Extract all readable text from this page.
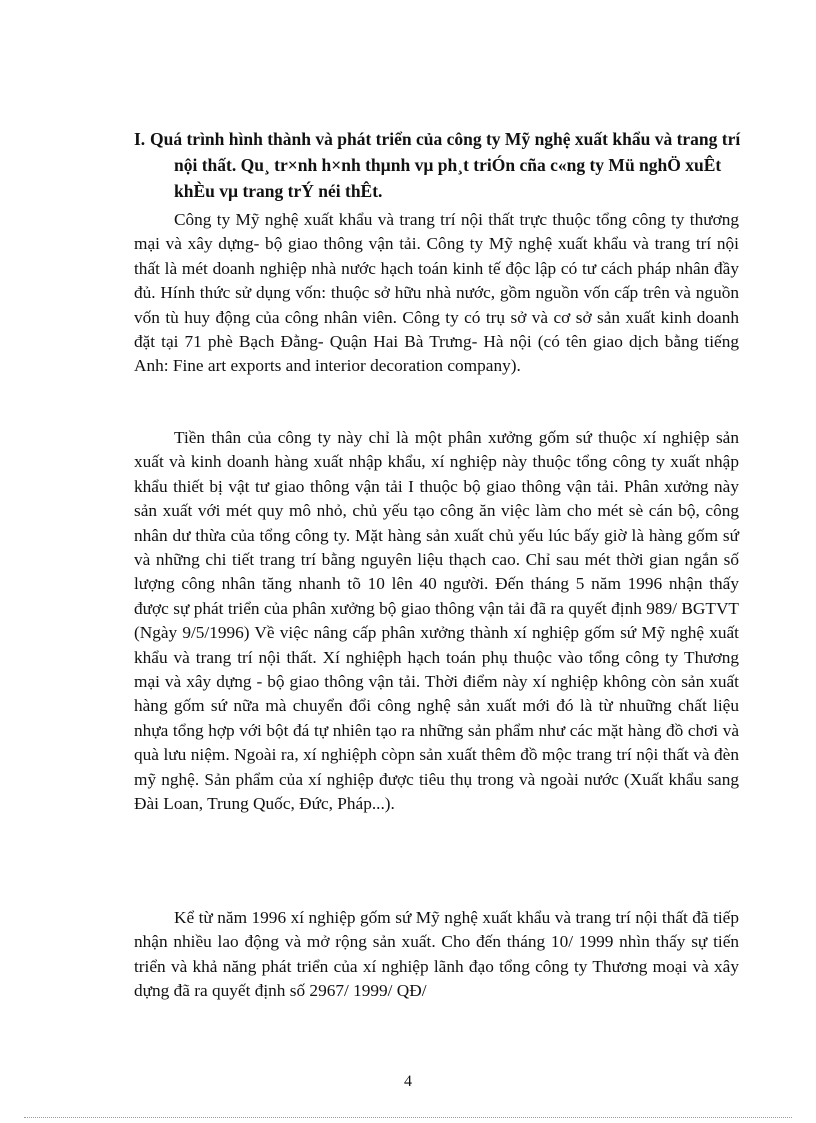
I. Quá trình hình thành và phát triển của công ty Mỹ nghệ xuất khẩu và trang trí nội thất. Qu¸ tr×nh h×nh thµnh vµ ph¸t triÓn cña c«ng ty Mü nghÖ xuÊt khÈu vµ trang trÝ néi thÊt.

Công ty Mỹ nghệ xuất khẩu và trang trí nội thất trực thuộc tổng công ty thương mại và xây dựng- bộ giao thông vận tải. Công ty Mỹ nghệ xuất khẩu và trang trí nội thất là mét doanh nghiệp nhà nước hạch toán kinh tế độc lập có tư cách pháp nhân đầy đủ. Hính thức sử dụng vốn: thuộc sở hữu nhà nước, gồm nguồn vốn cấp trên và nguồn vốn tù huy động của công nhân viên. Công ty có trụ sở và cơ sở sản xuất kinh doanh đặt tại 71 phè Bạch Đằng- Quận Hai Bà Trưng- Hà nội (có tên giao dịch bằng tiếng Anh: Fine art exports and interior decoration company).

Tiền thân của công ty này chỉ là một phân xưởng gốm sứ thuộc xí nghiệp sản xuất và kinh doanh hàng xuất nhập khẩu, xí nghiệp này thuộc tổng công ty xuất nhập khẩu thiết bị vật tư giao thông vận tải I thuộc bộ giao thông vận tải. Phân xưởng này sản xuất với mét quy mô nhỏ, chủ yếu tạo công ăn việc làm cho mét sè cán bộ, công nhân dư thừa của tổng công ty. Mặt hàng sản xuất chủ yếu lúc bấy giờ là hàng gốm sứ và những chi tiết trang trí bằng nguyên liệu thạch cao. Chỉ sau mét thời gian ngắn số lượng công nhân tăng nhanh tõ 10 lên 40 người. Đến tháng 5 năm 1996 nhận thấy được sự phát triển của phân xưởng bộ giao thông vận tải đã ra quyết định 989/ BGTVT (Ngày 9/5/1996) Về việc nâng cấp phân xưởng thành xí nghiệp gốm sứ Mỹ nghệ xuất khẩu và trang trí nội thất. Xí nghiệph hạch toán phụ thuộc vào tổng công ty Thương mại và xây dựng - bộ giao thông vận tải. Thời điểm này xí nghiệp không còn sản xuất hàng gốm sứ nữa mà chuyển đổi công nghệ sản xuất mới đó là từ nhuững chất liệu nhựa tổng hợp với bột đá tự nhiên tạo ra những sản phẩm như các mặt hàng đồ chơi và quà lưu niệm. Ngoài ra, xí nghiệph còpn sản xuất thêm đồ mộc trang trí nội thất và đèn mỹ nghệ. Sản phẩm của xí nghiệp được tiêu thụ trong và ngoài nước (Xuất khẩu sang Đài Loan, Trung Quốc, Đức, Pháp...).

Kể từ năm 1996 xí nghiệp gốm sứ Mỹ nghệ xuất khẩu và trang trí nội thất đã tiếp nhận nhiều lao động và mở rộng sản xuất. Cho đến tháng 10/ 1999 nhìn thấy sự tiến triển và khả năng phát triển của xí nghiệp lãnh đạo tổng công ty Thương moại và xây dựng đã ra quyết định số 2967/ 1999/ QĐ/

4
